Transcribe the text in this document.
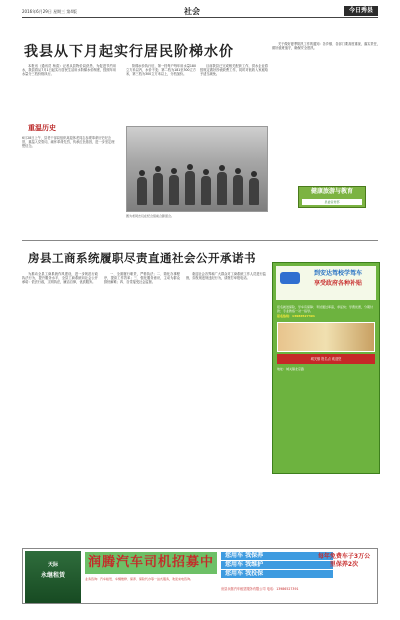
2016年6月29日 星期三 第4版	社会	今日秀县
我县从下月起实行居民阶梯水价

本报讯（通讯员 杨清）记者从县物价局获悉，为促进节约用水，我县将从7月1日起实行居民生活用水阶梯水价制度，按照年用水量分三档价格执行。

阶梯水价执行后，第一档每户每年用水量180立方米以内，水价不变；第二档为181至300立方米，第三档为300立方米以上，分档加价。

目前我县已完成相关配套工作，供水企业将按规定做好抄表收费工作，同时对低收入家庭给予适当减免。

重温历史
6月28日上午，县老干部局组织离退休老同志参观革命历史纪念馆，重温入党誓词，缅怀革命先烈，传承红色基因，进一步坚定理想信念。
图为老同志们在纪念馆前合影留念。

关于做好夏季防汛工作的通知：各乡镇、各部门要高度重视，落实责任，做好值班值守，确保安全度汛。

健康旅游与教育
县委宣传部
房县工商系统履职尽责直通社会公开承诺书

为推动全县工商系统作风建设，进一步规范行政执法行为，提升服务水平，全县工商系统向社会公开承诺：依法行政，文明执法，廉洁自律，优质服务。

一、全面履行职责，严格执法；二、简化办事程序，提高工作效率；三、强化服务意识，主动为群众排忧解难；四、自觉接受社会监督。

欢迎社会各界和广大群众对工商系统工作人员进行监督，如发现违规违纪行为，请拨打举报电话。

到安达驾校学驾车
享受政府各种补贴
报名就送保险，学车有保障；考试通过率高，拿证快；学费优惠，分期付款；专业教练一对一指导。
报名热线：13986527391
城关镇 报名点 欢迎您
地址：城关镇北京路
天际
永继租赁
润腾汽车司机招募中	您用车 我保养
您用车 我维护
您用车 我投保
每年免费车子3万公里保养2次
业务咨询：汽车租赁、车辆维修、保养、保险代办等一站式服务，欢迎来电咨询。
房县永继汽车租赁服务有限公司 电话：13986527391
